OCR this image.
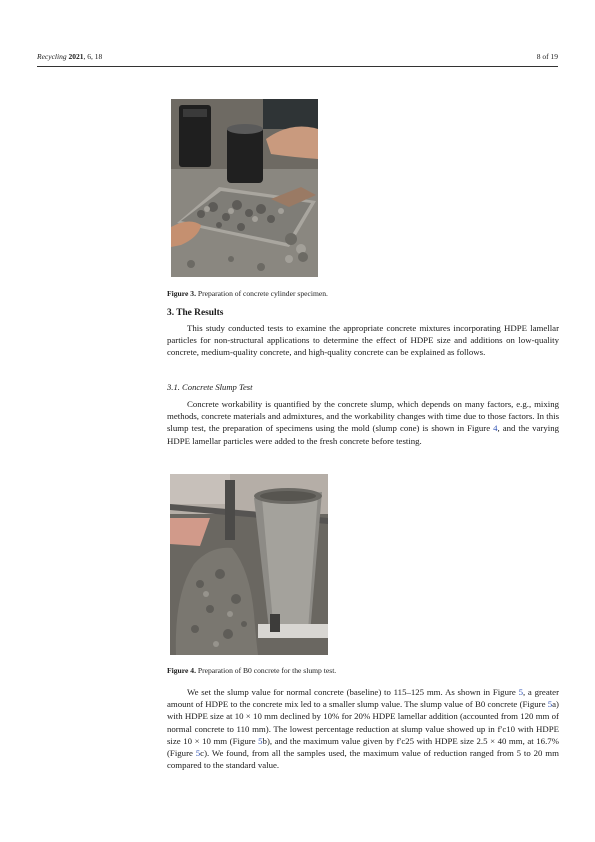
Recycling 2021, 6, 18	8 of 19
Figure 3. Preparation of concrete cylinder specimen.
3. The Results
This study conducted tests to examine the appropriate concrete mixtures incorporating HDPE lamellar particles for non-structural applications to determine the effect of HDPE size and additions on low-quality concrete, medium-quality concrete, and high-quality concrete can be explained as follows.
3.1. Concrete Slump Test
Concrete workability is quantified by the concrete slump, which depends on many factors, e.g., mixing methods, concrete materials and admixtures, and the workability changes with time due to those factors. In this slump test, the preparation of specimens using the mold (slump cone) is shown in Figure 4, and the varying HDPE lamellar particles were added to the fresh concrete before testing.
Figure 4. Preparation of B0 concrete for the slump test.
We set the slump value for normal concrete (baseline) to 115–125 mm. As shown in Figure 5, a greater amount of HDPE to the concrete mix led to a smaller slump value. The slump value of B0 concrete (Figure 5a) with HDPE size at 10 × 10 mm declined by 10% for 20% HDPE lamellar addition (accounted from 120 mm of normal concrete to 110 mm). The lowest percentage reduction at slump value showed up in f′c10 with HDPE size 10 × 10 mm (Figure 5b), and the maximum value given by f′c25 with HDPE size 2.5 × 40 mm, at 16.7% (Figure 5c). We found, from all the samples used, the maximum value of reduction ranged from 5 to 20 mm compared to the standard value.
